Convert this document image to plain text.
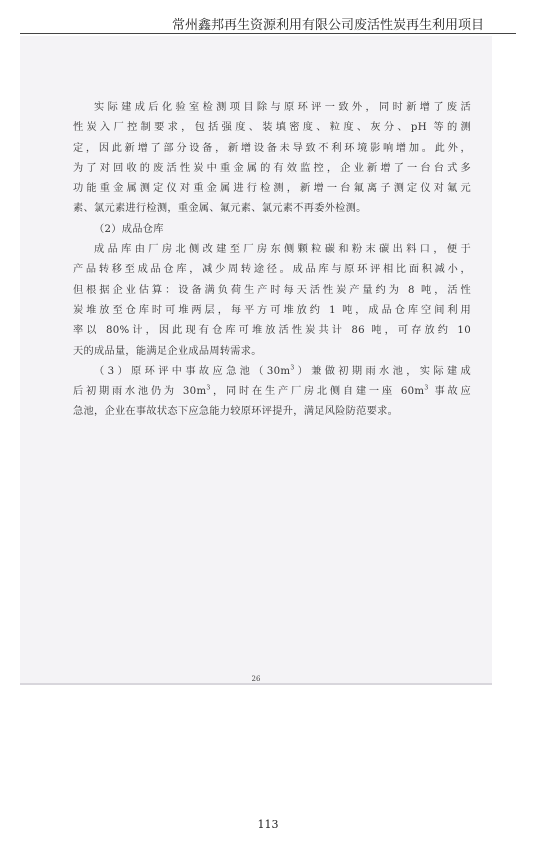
常州鑫邦再生资源利用有限公司废活性炭再生利用项目
26

实际建成后化验室检测项目除与原环评一致外，同时新增了废活
性炭入厂控制要求，包括强度、装填密度、粒度、灰分、pH 等的测
定，因此新增了部分设备，新增设备未导致不利环境影响增加。此外，
为了对回收的废活性炭中重金属的有效监控，企业新增了一台台式多
功能重金属测定仪对重金属进行检测，新增一台氟离子测定仪对氟元
素、氯元素进行检测，重金属、氟元素、氯元素不再委外检测。

（2）成品仓库

成品库由厂房北侧改建至厂房东侧颗粒碳和粉末碳出料口，便于
产品转移至成品仓库，减少周转途径。成品库与原环评相比面积减小，
但根据企业估算：设备满负荷生产时每天活性炭产量约为 8 吨，活性
炭堆放至仓库时可堆两层，每平方可堆放约 1 吨，成品仓库空间利用
率以 80%计，因此现有仓库可堆放活性炭共计 86 吨，可存放约 10
天的成品量，能满足企业成品周转需求。

（3）原环评中事故应急池$(30m^3)$兼做初期雨水池，实际建成
后初期雨水池仍为 $30m^3$，同时在生产厂房北侧自建一座 $60m^3$ 事故应
急池，企业在事故状态下应急能力较原环评提升，满足风险防范要求。

113
